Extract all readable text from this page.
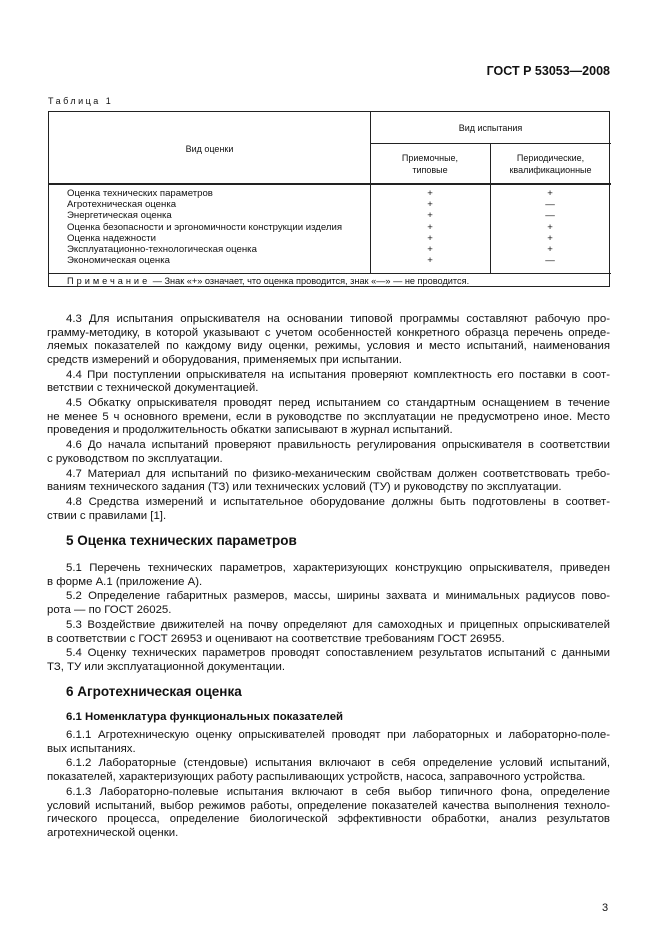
ГОСТ Р 53053—2008
Таблица 1
Вид оценки
Вид испытания
Приемочные,
типовые
Периодические,
квалификационные
Оценка технических параметров	+	+
Агротехническая оценка	+	—
Энергетическая оценка	+	—
Оценка безопасности и эргономичности конструкции изделия	+	+
Оценка надежности	+	+
Эксплуатационно-технологическая оценка	+	+
Экономическая оценка	+	—
Примечание — Знак «+» означает, что оценка проводится, знак «—» — не проводится.
4.3 Для испытания опрыскивателя на основании типовой программы составляют рабочую про-
грамму-методику, в которой указывают с учетом особенностей конкретного образца перечень опреде-
ляемых показателей по каждому виду оценки, режимы, условия и место испытаний, наименования
средств измерений и оборудования, применяемых при испытании.
4.4 При поступлении опрыскивателя на испытания проверяют комплектность его поставки в соот-
ветствии с технической документацией.
4.5 Обкатку опрыскивателя проводят перед испытанием со стандартным оснащением в течение
не менее 5 ч основного времени, если в руководстве по эксплуатации не предусмотрено иное. Место
проведения и продолжительность обкатки записывают в журнал испытаний.
4.6 До начала испытаний проверяют правильность регулирования опрыскивателя в соответствии
с руководством по эксплуатации.
4.7 Материал для испытаний по физико-механическим свойствам должен соответствовать требо-
ваниям технического задания (ТЗ) или технических условий (ТУ) и руководству по эксплуатации.
4.8 Средства измерений и испытательное оборудование должны быть подготовлены в соответ-
ствии с правилами [1].
5 Оценка технических параметров
5.1 Перечень технических параметров, характеризующих конструкцию опрыскивателя, приведен
в форме А.1 (приложение А).
5.2 Определение габаритных размеров, массы, ширины захвата и минимальных радиусов пово-
рота — по ГОСТ 26025.
5.3 Воздействие движителей на почву определяют для самоходных и прицепных опрыскивателей
в соответствии с ГОСТ 26953 и оценивают на соответствие требованиям ГОСТ 26955.
5.4 Оценку технических параметров проводят сопоставлением результатов испытаний с данными
ТЗ, ТУ или эксплуатационной документации.
6 Агротехническая оценка
6.1 Номенклатура функциональных показателей
6.1.1 Агротехническую оценку опрыскивателей проводят при лабораторных и лабораторно-поле-
вых испытаниях.
6.1.2 Лабораторные (стендовые) испытания включают в себя определение условий испытаний,
показателей, характеризующих работу распыливающих устройств, насоса, заправочного устройства.
6.1.3 Лабораторно-полевые испытания включают в себя выбор типичного фона, определение
условий испытаний, выбор режимов работы, определение показателей качества выполнения техноло-
гического процесса, определение биологической эффективности обработки, анализ результатов
агротехнической оценки.
3
